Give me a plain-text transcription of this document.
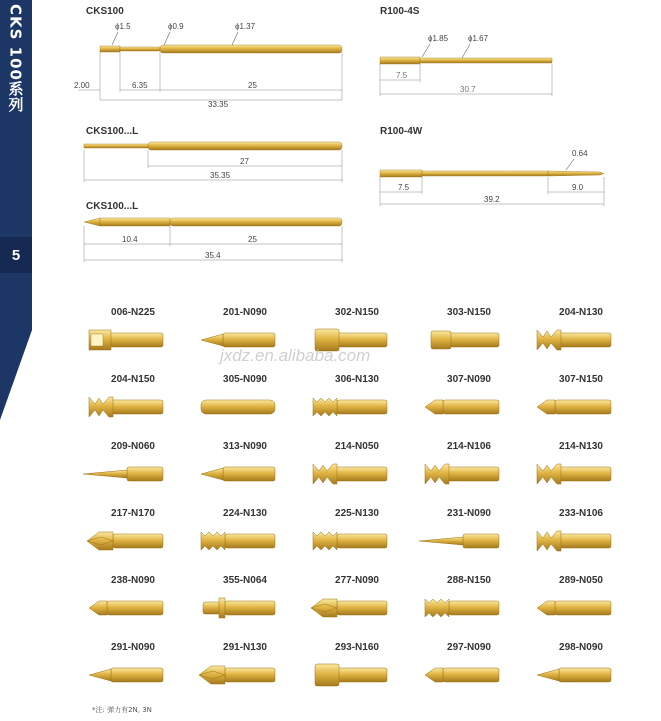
CKS 100系列
5
CKS100
ϕ1.5	ϕ0.9	ϕ1.37
2.00	6.35	25
33.35
CKS100...L
27
35.35
CKS100...L
10.4	25
35.4
R100-4S
ϕ1.85 ϕ1.67
7.5
30.7
R100-4W
0.64
7.5	9.0
39.2
006-N225	201-N090	302-N150	303-N150	204-N130
204-N150	305-N090	306-N130	307-N090	307-N150
209-N060	313-N090	214-N050	214-N106	214-N130
217-N170	224-N130	225-N130	231-N090	233-N106
238-N090	355-N064	277-N090	288-N150	289-N050
291-N090	291-N130	293-N160	297-N090	298-N090
jxdz.en.alibaba.com
*注: 弹力有2N, 3N
